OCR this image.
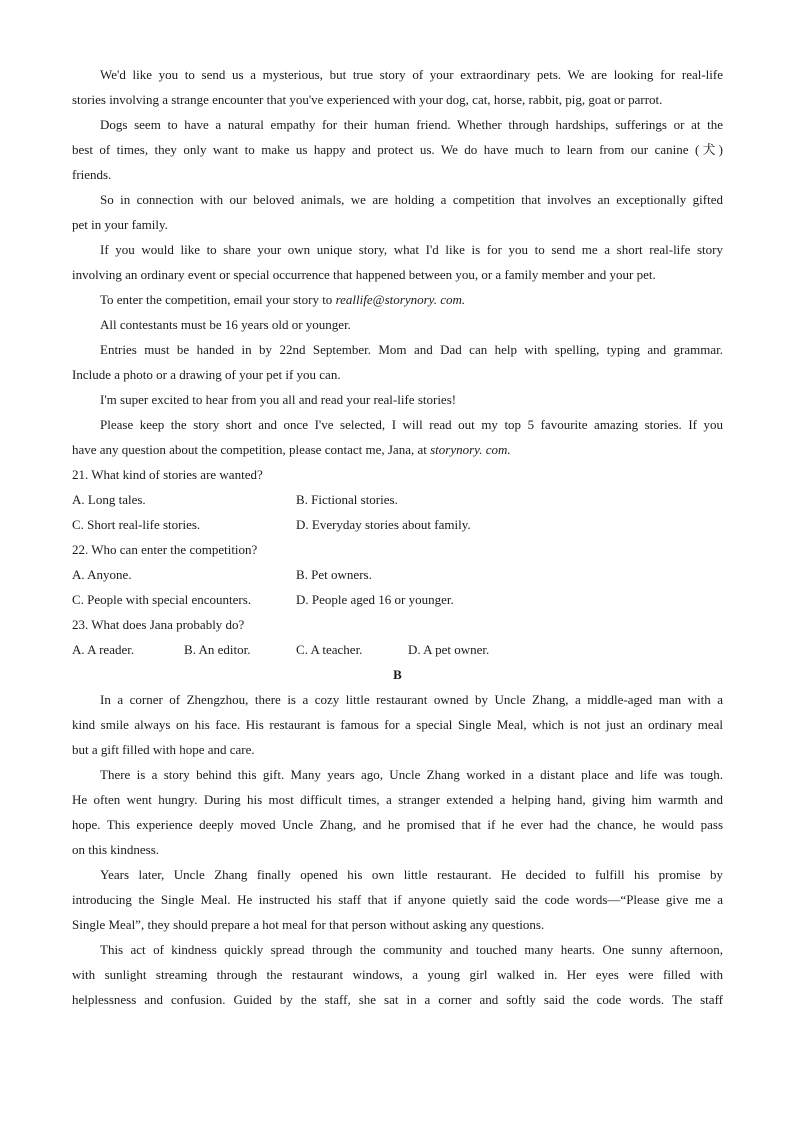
We'd like you to send us a mysterious, but true story of your extraordinary pets. We are looking for real-life
stories involving a strange encounter that you've experienced with your dog, cat, horse, rabbit, pig, goat or parrot.
Dogs seem to have a natural empathy for their human friend. Whether through hardships, sufferings or at the
best of times, they only want to make us happy and protect us. We do have much to learn from our canine (犬)
friends.
So in connection with our beloved animals, we are holding a competition that involves an exceptionally gifted
pet in your family.
If you would like to share your own unique story, what I'd like is for you to send me a short real-life story
involving an ordinary event or special occurrence that happened between you, or a family member and your pet.
To enter the competition, email your story to reallife@storynory. com.
All contestants must be 16 years old or younger.
Entries must be handed in by 22nd September. Mom and Dad can help with spelling, typing and grammar.
Include a photo or a drawing of your pet if you can.
I'm super excited to hear from you all and read your real-life stories!
Please keep the story short and once I've selected, I will read out my top 5 favourite amazing stories. If you
have any question about the competition, please contact me, Jana, at storynory. com.
21. What kind of stories are wanted?
A. Long tales.	B. Fictional stories.
C. Short real-life stories.	D. Everyday stories about family.
22. Who can enter the competition?
A. Anyone.	B. Pet owners.
C. People with special encounters.	D. People aged 16 or younger.
23. What does Jana probably do?
A. A reader.	B. An editor.	C. A teacher.	D. A pet owner.
B
In a corner of Zhengzhou, there is a cozy little restaurant owned by Uncle Zhang, a middle-aged man with a
kind smile always on his face. His restaurant is famous for a special Single Meal, which is not just an ordinary meal
but a gift filled with hope and care.
There is a story behind this gift. Many years ago, Uncle Zhang worked in a distant place and life was tough.
He often went hungry. During his most difficult times, a stranger extended a helping hand, giving him warmth and
hope. This experience deeply moved Uncle Zhang, and he promised that if he ever had the chance, he would pass
on this kindness.
Years later, Uncle Zhang finally opened his own little restaurant. He decided to fulfill his promise by
introducing the Single Meal. He instructed his staff that if anyone quietly said the code words—“Please give me a
Single Meal”, they should prepare a hot meal for that person without asking any questions.
This act of kindness quickly spread through the community and touched many hearts. One sunny afternoon,
with sunlight streaming through the restaurant windows, a young girl walked in. Her eyes were filled with
helplessness and confusion. Guided by the staff, she sat in a corner and softly said the code words. The staff
